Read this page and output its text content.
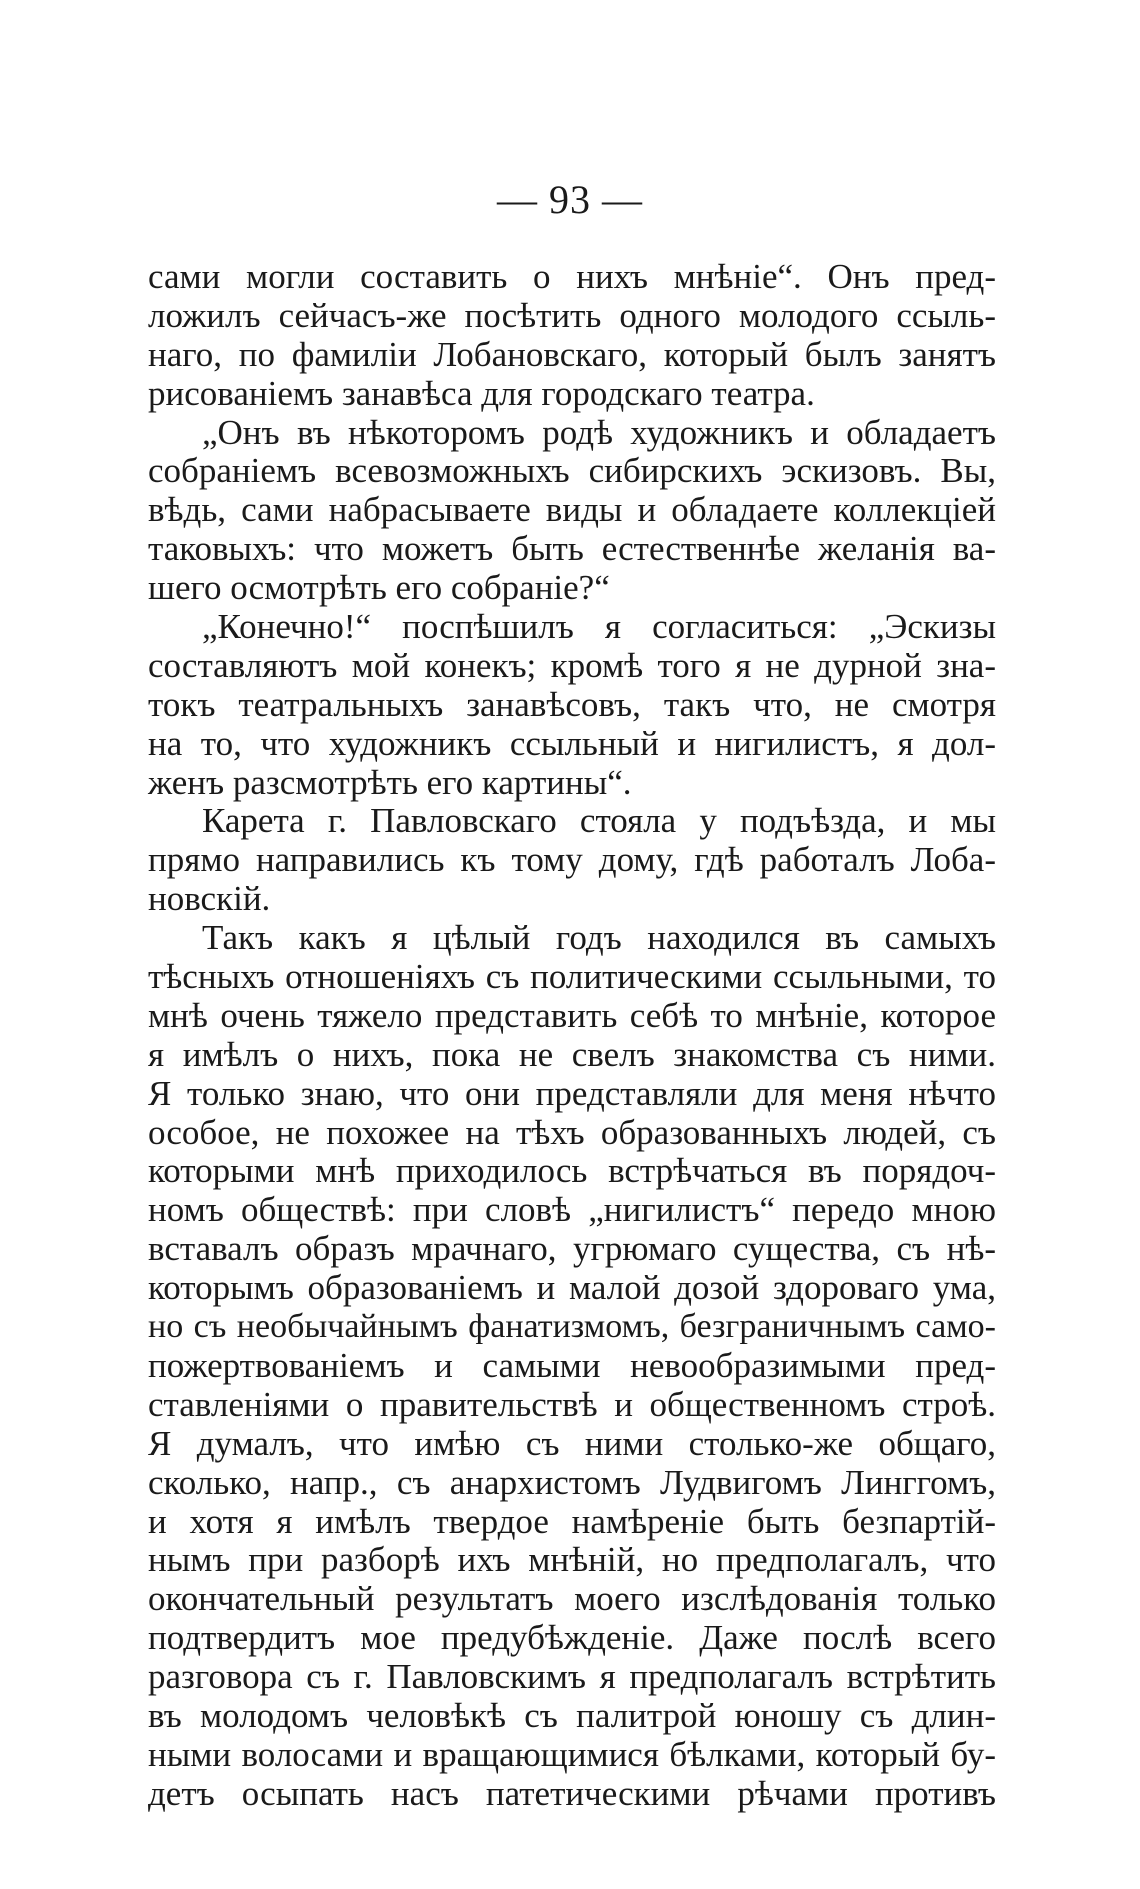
— 93 —
сами могли составить о нихъ мнѣніе“. Онъ пред-
ложилъ сейчасъ-же посѣтить одного молодого ссыль-
наго, по фамиліи Лобановскаго, который былъ занятъ
рисованіемъ занавѣса для городскаго театра.
„Онъ въ нѣкоторомъ родѣ художникъ и обладаетъ
собраніемъ всевозможныхъ сибирскихъ эскизовъ. Вы,
вѣдь, сами набрасываете виды и обладаете коллекціей
таковыхъ: что можетъ быть естественнѣе желанія ва-
шего осмотрѣть его собраніе?“
„Конечно!“ поспѣшилъ я согласиться: „Эскизы
составляютъ мой конекъ; кромѣ того я не дурной зна-
токъ театральныхъ занавѣсовъ, такъ что, не смотря
на то, что художникъ ссыльный и нигилистъ, я дол-
женъ разсмотрѣть его картины“.
Карета г. Павловскаго стояла у подъѣзда, и мы
прямо направились къ тому дому, гдѣ работалъ Лоба-
новскій.
Такъ какъ я цѣлый годъ находился въ самыхъ
тѣсныхъ отношеніяхъ съ политическими ссыльными, то
мнѣ очень тяжело представить себѣ то мнѣніе, которое
я имѣлъ о нихъ, пока не свелъ знакомства съ ними.
Я только знаю, что они представляли для меня нѣчто
особое, не похожее на тѣхъ образованныхъ людей, съ
которыми мнѣ приходилось встрѣчаться въ порядоч-
номъ обществѣ: при словѣ „нигилистъ“ передо мною
вставалъ образъ мрачнаго, угрюмаго существа, съ нѣ-
которымъ образованіемъ и малой дозой здороваго ума,
но съ необычайнымъ фанатизмомъ, безграничнымъ само-
пожертвованіемъ и самыми невообразимыми пред-
ставленіями о правительствѣ и общественномъ строѣ.
Я думалъ, что имѣю съ ними столько-же общаго,
сколько, напр., съ анархистомъ Лудвигомъ Линггомъ,
и хотя я имѣлъ твердое намѣреніе быть безпартій-
нымъ при разборѣ ихъ мнѣній, но предполагалъ, что
окончательный результатъ моего изслѣдованія только
подтвердитъ мое предубѣжденіе. Даже послѣ всего
разговора съ г. Павловскимъ я предполагалъ встрѣтить
въ молодомъ человѣкѣ съ палитрой юношу съ длин-
ными волосами и вращающимися бѣлками, который бу-
детъ осыпать насъ патетическими рѣчами противъ
